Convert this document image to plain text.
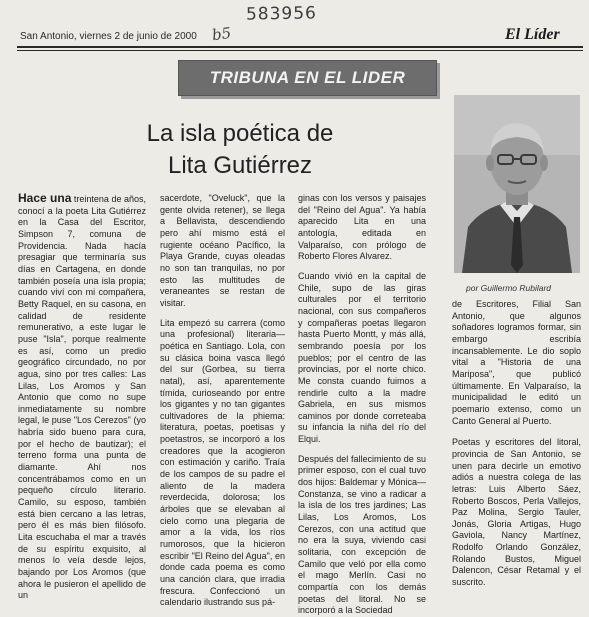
583956
San Antonio, viernes 2 de junio de 2000 b5	El Líder
TRIBUNA EN EL LIDER
La isla poética de
Lita Gutiérrez
por Guillermo Rubilard

Hace una treintena de años, conocí a la poeta Lita Gutiérrez en la Casa del Escritor, Simpson 7, comuna de Providencia. Nada hacía presagiar que terminaría sus días en Cartagena, en donde también poseía una isla propia; cuando viví con mi compañera, Betty Raquel, en su casona, en calidad de residente remunerativo, a este lugar le puse "Isla", porque realmente es así, como un predio geográfico circundado, no por agua, sino por tres calles: Las Lilas, Los Aromos y San Antonio que como no supe inmediatamente su nombre legal, le puse "Los Cerezos" (yo habría sido bueno para cura, por el hecho de bautizar); el terreno forma una punta de diamante. Ahí nos concentrábamos como en un pequeño círculo literario. Camilo, su esposo, también está bien cercano a las letras, pero él es más bien filósofo. Lita escuchaba el mar a través de su espíritu exquisito, al menos lo veía desde lejos, bajando por Los Aromos (que ahora le pusieron el apellido de un

sacerdote, "Oveluck", que la gente olvida retener), se llega a Bellavista, descendiendo pero ahí mismo está el rugiente océano Pacífico, la Playa Grande, cuyas oleadas no son tan tranquilas, no por esto las multitudes de veraneantes se restan de visitar.

Lita empezó su carrera (como una profesional) literaria—poética en Santiago. Lola, con su clásica boina vasca llegó del sur (Gorbea, su tierra natal), así, aparentemente tímida, curioseando por entre los gigantes y no tan gigantes cultivadores de la phiema: literatura, poetas, poetisas y poetastros, se incorporó a los creadores que la acogieron con estimación y cariño. Traía de los campos de su padre el aliento de la madera reverdecida, dolorosa; los árboles que se elevaban al cielo como una plegaria de amor a la vida, los ríos rumorosos, que la hicieron escribir "El Reino del Agua", en donde cada poema es como una canción clara, que irradia frescura. Confeccionó un calendario ilustrando sus pá-

ginas con los versos y paisajes del "Reino del Agua". Ya había aparecido Lita en una antología, editada en Valparaíso, con prólogo de Roberto Flores Alvarez.

Cuando vivió en la capital de Chile, supo de las giras culturales por el territorio nacional, con sus compañeros y compañeras poetas llegaron hasta Puerto Montt, y más allá, sembrando poesía por los pueblos; por el centro de las provincias, por el norte chico. Me consta cuando fuimos a rendirle culto a la madre Gabriela, en sus mismos caminos por donde correteaba su infancia la niña del río del Elqui.

Después del fallecimiento de su primer esposo, con el cual tuvo dos hijos: Baldemar y Mónica—Constanza, se vino a radicar a la isla de los tres jardines; Las Lilas, Los Aromos, Los Cerezos, con una actitud que no era la suya, viviendo casi solitaria, con excepción de Camilo que veló por ella como el mago Merlín. Casi no compartía con los demás poetas del litoral. No se incorporó a la Sociedad

de Escritores, Filial San Antonio, que algunos soñadores logramos formar, sin embargo escribía incansablemente. Le dio soplo vital a "Historia de una Mariposa", que publicó últimamente. En Valparaíso, la municipalidad le editó un poemario extenso, como un Canto General al Puerto.

Poetas y escritores del litoral, provincia de San Antonio, se unen para decirle un emotivo adiós a nuestra colega de las letras: Luis Alberto Sáez, Roberto Boscos, Perla Vallejos, Paz Molina, Sergio Tauler, Jonás, Gloria Artigas, Hugo Gaviola, Nancy Martínez, Rodolfo Orlando González, Rolando Bustos, Miguel Dalencon, César Retamal y el suscrito.
